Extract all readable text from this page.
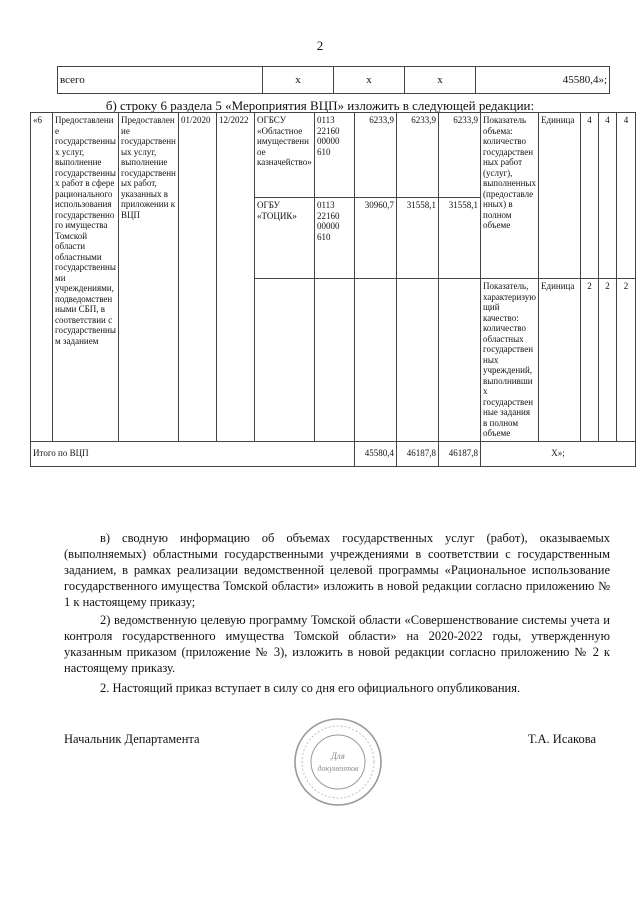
2
всего	х	х	х	45580,4»;
б) строку 6 раздела 5 «Мероприятия ВЦП» изложить в следующей редакции:
«6	Предоставление государственных услуг, выполнение государственных работ в сфере рационального использования государственного имущества Томской области областными государственными учреждениями, подведомственными СБП, в соответствии с государственным заданием	Предоставление государственных услуг, выполнение государственных работ, указанных в приложении к ВЦП	01/2020	12/2022	ОГБСУ «Областное имущественное казначейство»	0113 22160 00000 610	6233,9	6233,9	6233,9	Показатель объема: количество государственных работ (услуг), выполненных (предоставленных) в полном объеме	Единица	4	4	4
					ОГБУ «ТОЦИК»	0113 22160 00000 610	30960,7	31558,1	31558,1					
										Показатель, характеризующий качество: количество областных государственных учреждений, выполнивших государственные задания в полном объеме	Единица	2	2	2
Итого по ВЦП							45580,4	46187,8	46187,8	Х»;				
в) сводную информацию об объемах государственных услуг (работ), оказываемых (выполняемых) областными государственными учреждениями в соответствии с государственным заданием, в рамках реализации ведомственной целевой программы «Рациональное использование государственного имущества Томской области» изложить в новой редакции согласно приложению № 1 к настоящему приказу;
2) ведомственную целевую программу Томской области «Совершенствование системы учета и контроля государственного имущества Томской области» на 2020-2022 годы, утвержденную указанным приказом (приложение № 3), изложить в новой редакции согласно приложению № 2 к настоящему приказу.
2. Настоящий приказ вступает в силу со дня его официального опубликования.
Начальник Департамента	Т.А. Исакова
Для
документов
